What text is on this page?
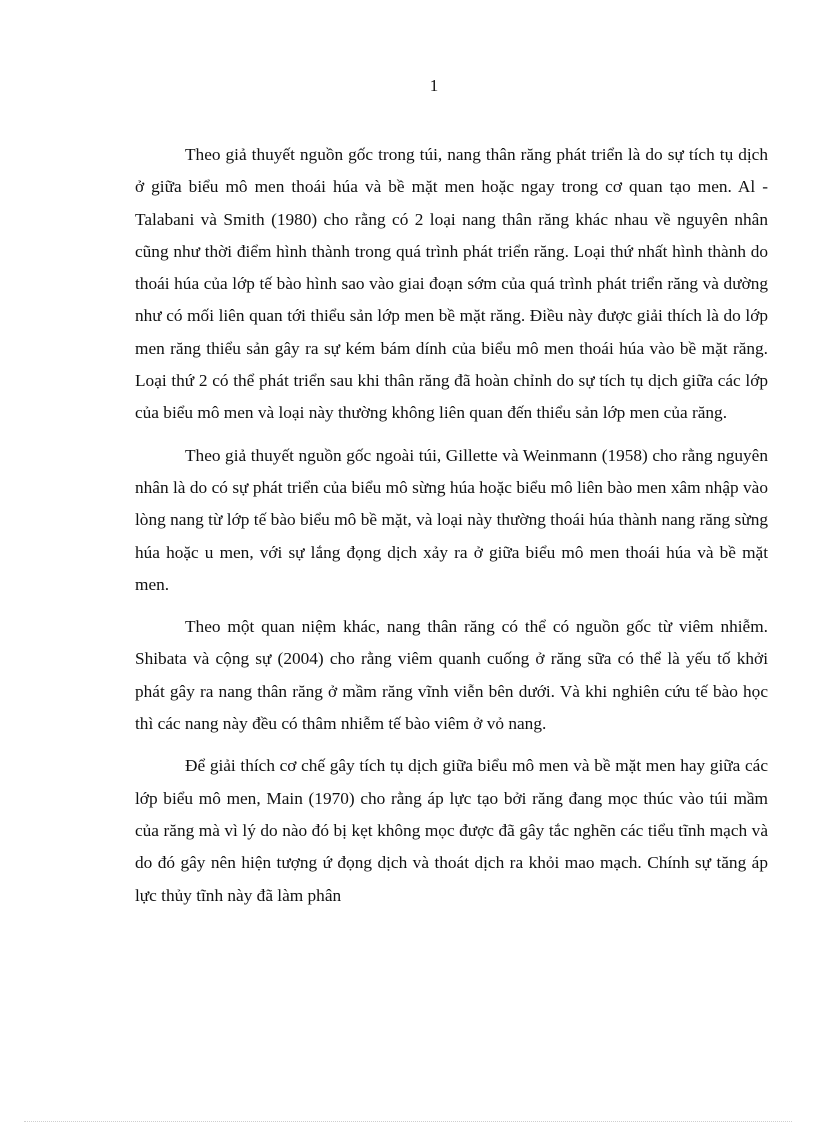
1

Theo giả thuyết nguồn gốc trong túi, nang thân răng phát triển là do sự tích tụ dịch ở giữa biểu mô men thoái húa và bề mặt men hoặc ngay trong cơ quan tạo men. Al - Talabani và Smith (1980) cho rằng có 2 loại nang thân răng khác nhau về nguyên nhân cũng như thời điểm hình thành trong quá trình phát triển răng. Loại thứ nhất hình thành do thoái húa của lớp tế bào hình sao vào giai đoạn sớm của quá trình phát triển răng và dường như có mối liên quan tới thiểu sản lớp men bề mặt răng. Điều này được giải thích là do lớp men răng thiểu sản gây ra sự kém bám dính của biểu mô men thoái húa vào bề mặt răng. Loại thứ 2 có thể phát triển sau khi thân răng đã hoàn chỉnh do sự tích tụ dịch giữa các lớp của biểu mô men và loại này thường không liên quan đến thiểu sản lớp men của răng.

Theo giả thuyết nguồn gốc ngoài túi, Gillette và Weinmann (1958) cho rằng nguyên nhân là do có sự phát triển của biểu mô sừng húa hoặc biểu mô liên bào men xâm nhập vào lòng nang từ lớp tế bào biểu mô bề mặt, và loại này thường thoái húa thành nang răng sừng húa hoặc u men, với sự lắng đọng dịch xảy ra ở giữa biểu mô men thoái húa và bề mặt men.

Theo một quan niệm khác, nang thân răng có thể có nguồn gốc từ viêm nhiễm. Shibata và cộng sự (2004) cho rằng viêm quanh cuống ở răng sữa có thể là yếu tố khởi phát gây ra nang thân răng ở mầm răng vĩnh viễn bên dưới. Và khi nghiên cứu tế bào học thì các nang này đều có thâm nhiễm tế bào viêm ở vỏ nang.

Để giải thích cơ chế gây tích tụ dịch giữa biểu mô men và bề mặt men hay giữa các lớp biểu mô men, Main (1970) cho rằng áp lực tạo bởi răng đang mọc thúc vào túi mầm của răng mà vì lý do nào đó bị kẹt không mọc được đã gây tắc nghẽn các tiểu tĩnh mạch và do đó gây nên hiện tượng ứ đọng dịch và thoát dịch ra khỏi mao mạch. Chính sự tăng áp lực thủy tĩnh này đã làm phân
